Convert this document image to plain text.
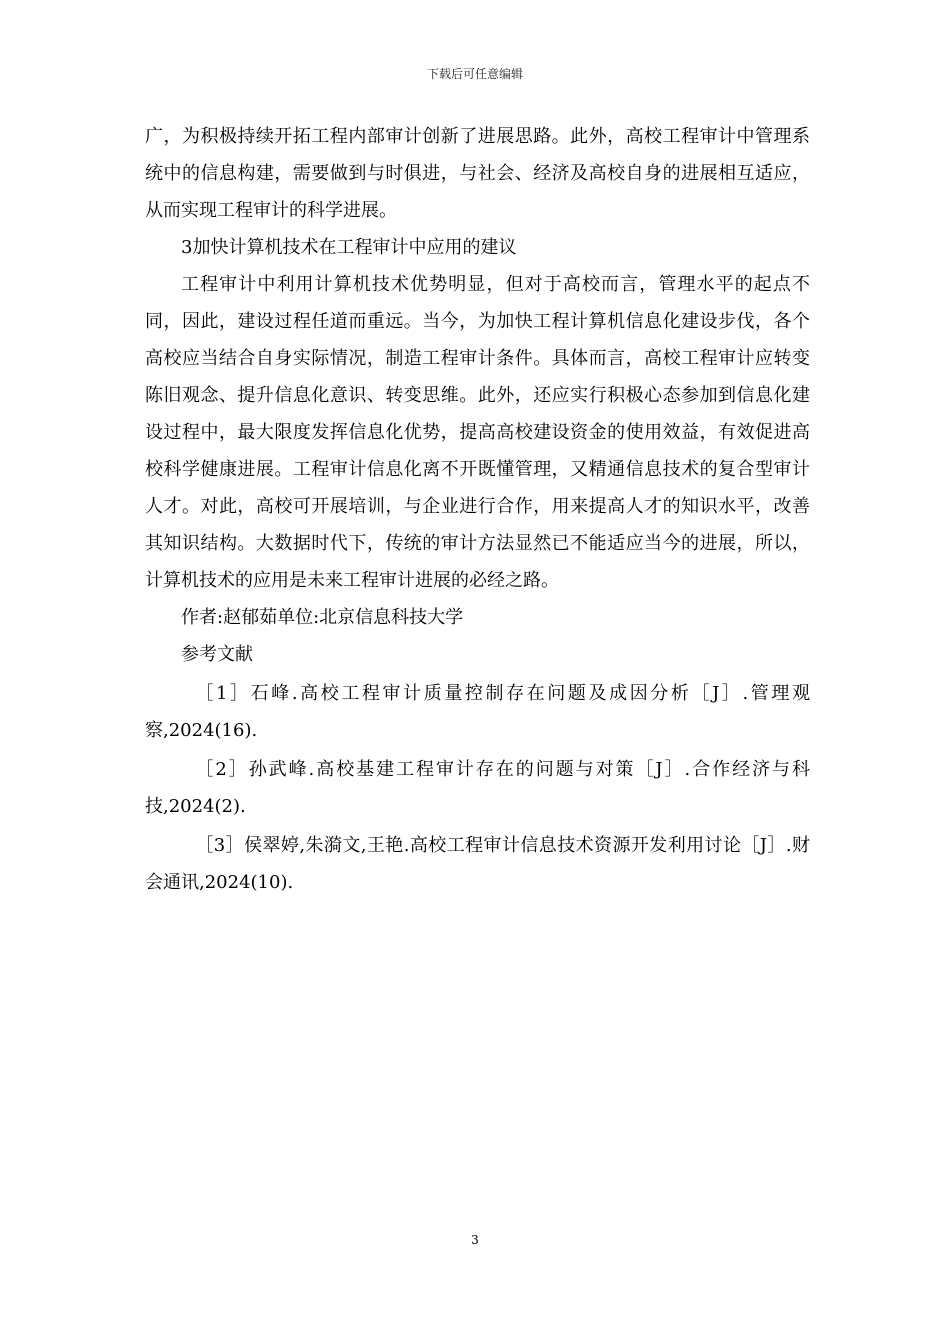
下载后可任意编辑

广，为积极持续开拓工程内部审计创新了进展思路。此外，高校工程审计中管理系统中的信息构建，需要做到与时俱进，与社会、经济及高校自身的进展相互适应，从而实现工程审计的科学进展。

3加快计算机技术在工程审计中应用的建议

工程审计中利用计算机技术优势明显，但对于高校而言，管理水平的起点不同，因此，建设过程任道而重远。当今，为加快工程计算机信息化建设步伐，各个高校应当结合自身实际情况，制造工程审计条件。具体而言，高校工程审计应转变陈旧观念、提升信息化意识、转变思维。此外，还应实行积极心态参加到信息化建设过程中，最大限度发挥信息化优势，提高高校建设资金的使用效益，有效促进高校科学健康进展。工程审计信息化离不开既懂管理，又精通信息技术的复合型审计人才。对此，高校可开展培训，与企业进行合作，用来提高人才的知识水平，改善其知识结构。大数据时代下，传统的审计方法显然已不能适应当今的进展，所以，计算机技术的应用是未来工程审计进展的必经之路。

作者:赵郁茹单位:北京信息科技大学

参考文献

［1］石峰.高校工程审计质量控制存在问题及成因分析［J］.管理观察,2024(16).

［2］孙武峰.高校基建工程审计存在的问题与对策［J］.合作经济与科技,2024(2).

［3］侯翠婷,朱漪文,王艳.高校工程审计信息技术资源开发利用讨论［J］.财会通讯,2024(10).

3
